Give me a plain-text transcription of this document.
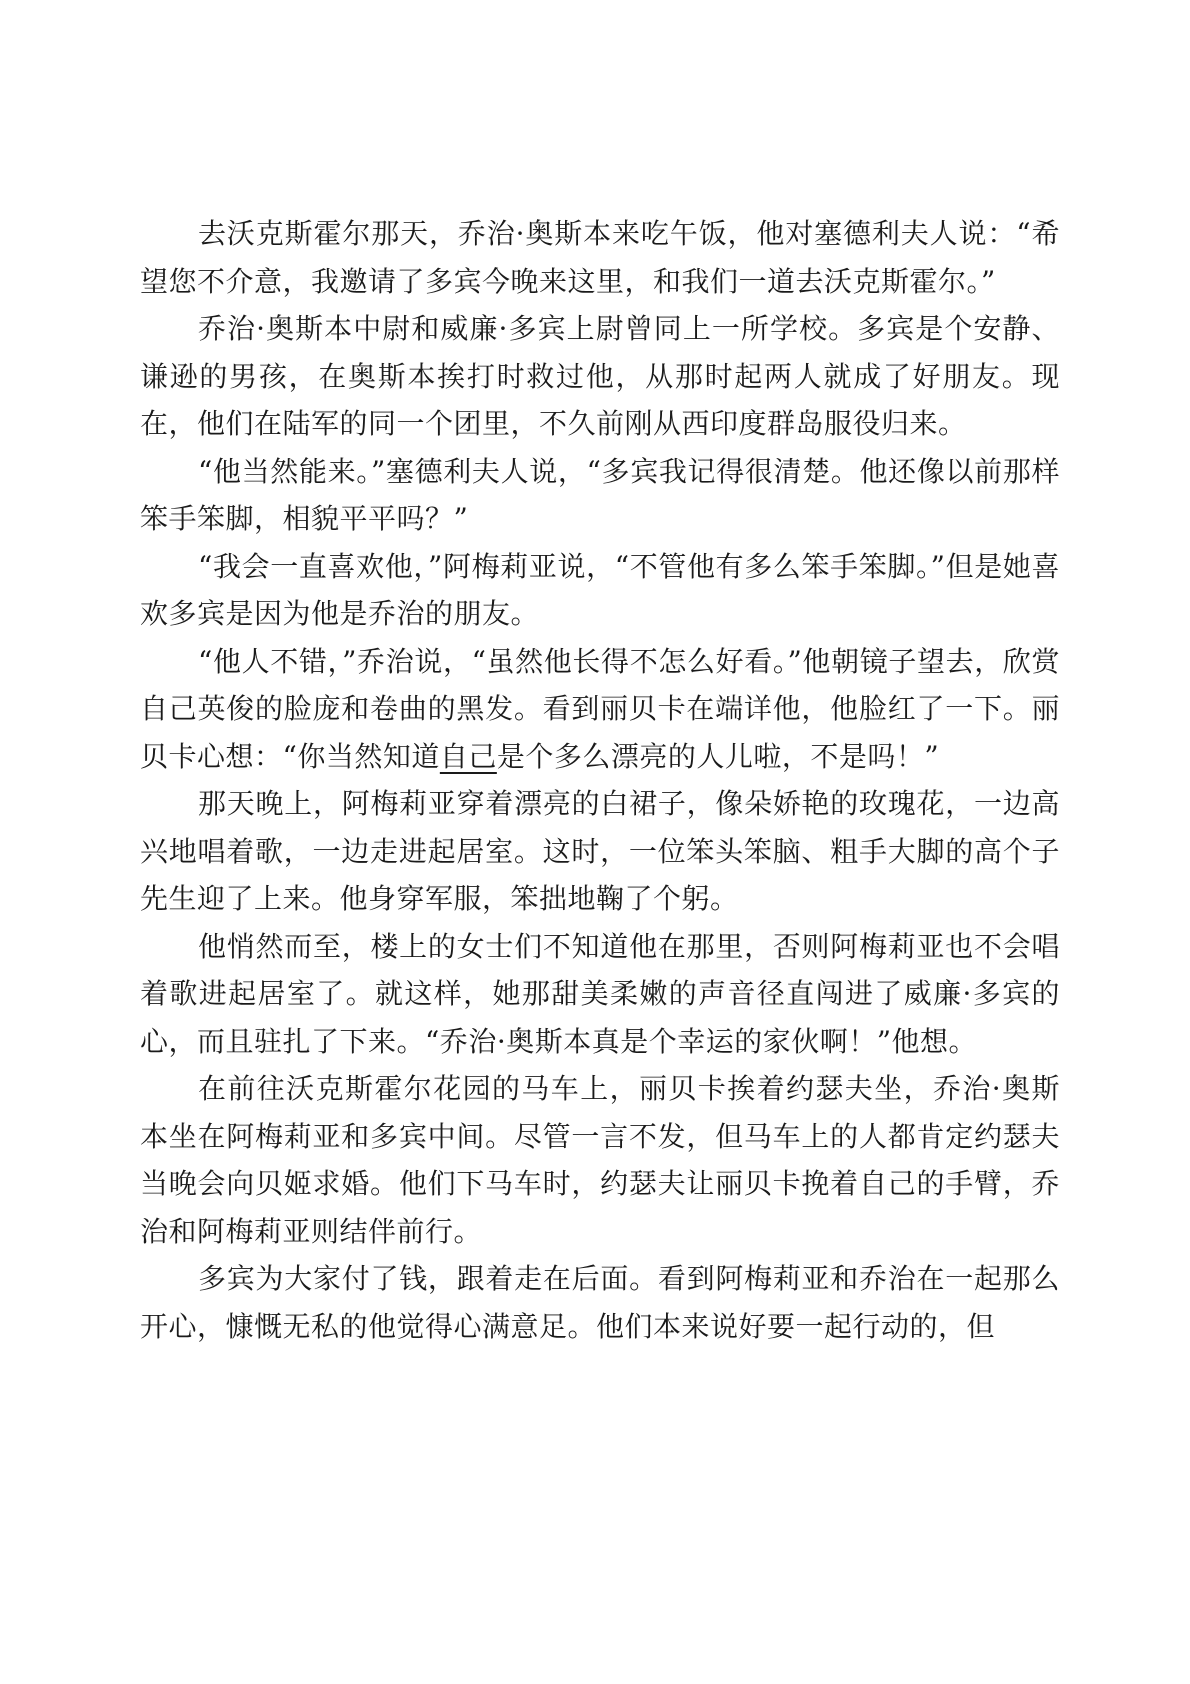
去沃克斯霍尔那天，乔治·奥斯本来吃午饭，他对塞德利夫人说：“希望您不介意，我邀请了多宾今晚来这里，和我们一道去沃克斯霍尔。”

乔治·奥斯本中尉和威廉·多宾上尉曾同上一所学校。多宾是个安静、谦逊的男孩，在奥斯本挨打时救过他，从那时起两人就成了好朋友。现在，他们在陆军的同一个团里，不久前刚从西印度群岛服役归来。

“他当然能来。”塞德利夫人说，“多宾我记得很清楚。他还像以前那样笨手笨脚，相貌平平吗？”

“我会一直喜欢他，”阿梅莉亚说，“不管他有多么笨手笨脚。”但是她喜欢多宾是因为他是乔治的朋友。

“他人不错，”乔治说，“虽然他长得不怎么好看。”他朝镜子望去，欣赏自己英俊的脸庞和卷曲的黑发。看到丽贝卡在端详他，他脸红了一下。丽贝卡心想：“你当然知道自己是个多么漂亮的人儿啦，不是吗！”

那天晚上，阿梅莉亚穿着漂亮的白裙子，像朵娇艳的玫瑰花，一边高兴地唱着歌，一边走进起居室。这时，一位笨头笨脑、粗手大脚的高个子先生迎了上来。他身穿军服，笨拙地鞠了个躬。

他悄然而至，楼上的女士们不知道他在那里，否则阿梅莉亚也不会唱着歌进起居室了。就这样，她那甜美柔嫩的声音径直闯进了威廉·多宾的心，而且驻扎了下来。“乔治·奥斯本真是个幸运的家伙啊！”他想。

在前往沃克斯霍尔花园的马车上，丽贝卡挨着约瑟夫坐，乔治·奥斯本坐在阿梅莉亚和多宾中间。尽管一言不发，但马车上的人都肯定约瑟夫当晚会向贝姬求婚。他们下马车时，约瑟夫让丽贝卡挽着自己的手臂，乔治和阿梅莉亚则结伴前行。

多宾为大家付了钱，跟着走在后面。看到阿梅莉亚和乔治在一起那么开心，慷慨无私的他觉得心满意足。他们本来说好要一起行动的，但
